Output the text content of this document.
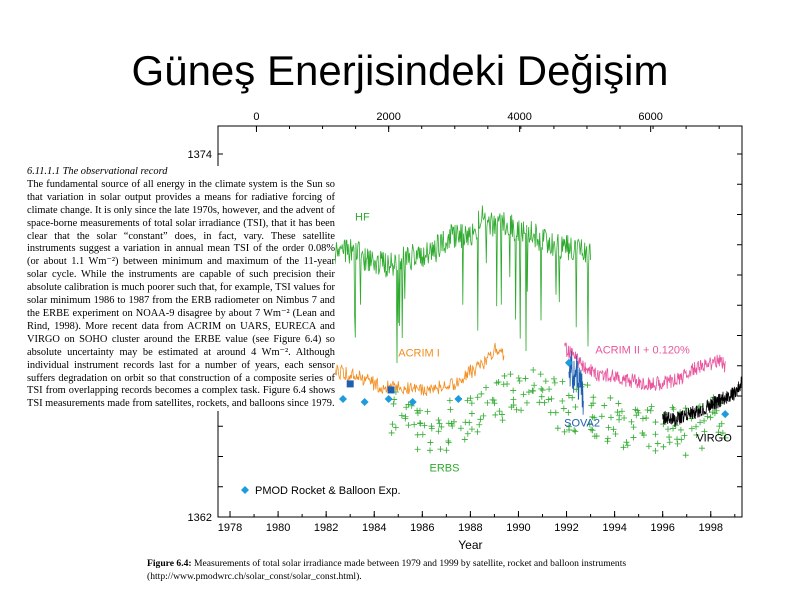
Güneş Enerjisindeki Değişim
1978 1980 1982 1984 1986 1988 1990 1992 1994 1996 1998
Year
0	2000	4000	6000
1374
1362
HF
ACRIM I	ACRIM II + 0.120%
ERBS
SOVA2
VIRGO
PMOD Rocket & Balloon Exp.
6.11.1.1 The observational record
The fundamental source of all energy in the climate system is the Sun so that variation in solar output provides a means for radiative forcing of climate change. It is only since the late 1970s, however, and the advent of space-borne measurements of total solar irradiance (TSI), that it has been clear that the solar “constant” does, in fact, vary. These satellite instruments suggest a variation in annual mean TSI of the order 0.08% (or about 1.1 Wm⁻²) between minimum and maximum of the 11-year solar cycle. While the instruments are capable of such precision their absolute calibration is much poorer such that, for example, TSI values for solar minimum 1986 to 1987 from the ERB radiometer on Nimbus 7 and the ERBE experiment on NOAA-9 disagree by about 7 Wm⁻² (Lean and Rind, 1998). More recent data from ACRIM on UARS, EURECA and VIRGO on SOHO cluster around the ERBE value (see Figure 6.4) so absolute uncertainty may be estimated at around 4 Wm⁻². Although individual instrument records last for a number of years, each sensor suffers degradation on orbit so that construction of a composite series of TSI from overlapping records becomes a complex task. Figure 6.4 shows TSI measurements made from satellites, rockets, and balloons since 1979.
Figure 6.4: Measurements of total solar irradiance made between 1979 and 1999 by satellite, rocket and balloon instruments (http://www.pmodwrc.ch/solar_const/solar_const.html).
